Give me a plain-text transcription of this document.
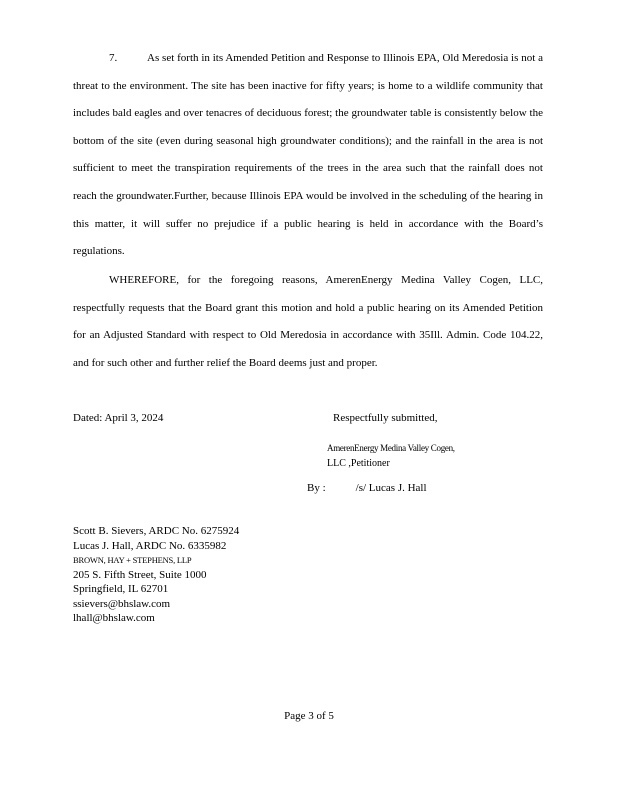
7.	As set forth in its Amended Petition and Response to Illinois EPA, Old Meredosia is not a threat to the environment. The site has been inactive for fifty years; is home to a wildlife community that includes bald eagles and over tenacres of deciduous forest; the groundwater table is consistently below the bottom of the site (even during seasonal high groundwater conditions); and the rainfall in the area is not sufficient to meet the transpiration requirements of the trees in the area such that the rainfall does not reach the groundwater.Further, because Illinois EPA would be involved in the scheduling of the hearing in this matter, it will suffer no prejudice if a public hearing is held in accordance with the Board’s regulations.

WHEREFORE, for the foregoing reasons, AmerenEnergy Medina Valley Cogen, LLC, respectfully requests that the Board grant this motion and hold a public hearing on its Amended Petition for an Adjusted Standard with respect to Old Meredosia in accordance with 35Ill. Admin. Code 104.22, and for such other and further relief the Board deems just and proper.

Dated: April 3, 2024	Respectfully submitted,
AmerenEnergy Medina Valley Cogen,
LLC ,Petitioner
By :	/s/ Lucas J. Hall
Scott B. Sievers, ARDC No. 6275924
Lucas J. Hall, ARDC No. 6335982
BROWN, HAY + STEPHENS, LLP
205 S. Fifth Street, Suite 1000
Springfield, IL 62701
ssievers@bhslaw.com
lhall@bhslaw.com
Page 3 of 5
